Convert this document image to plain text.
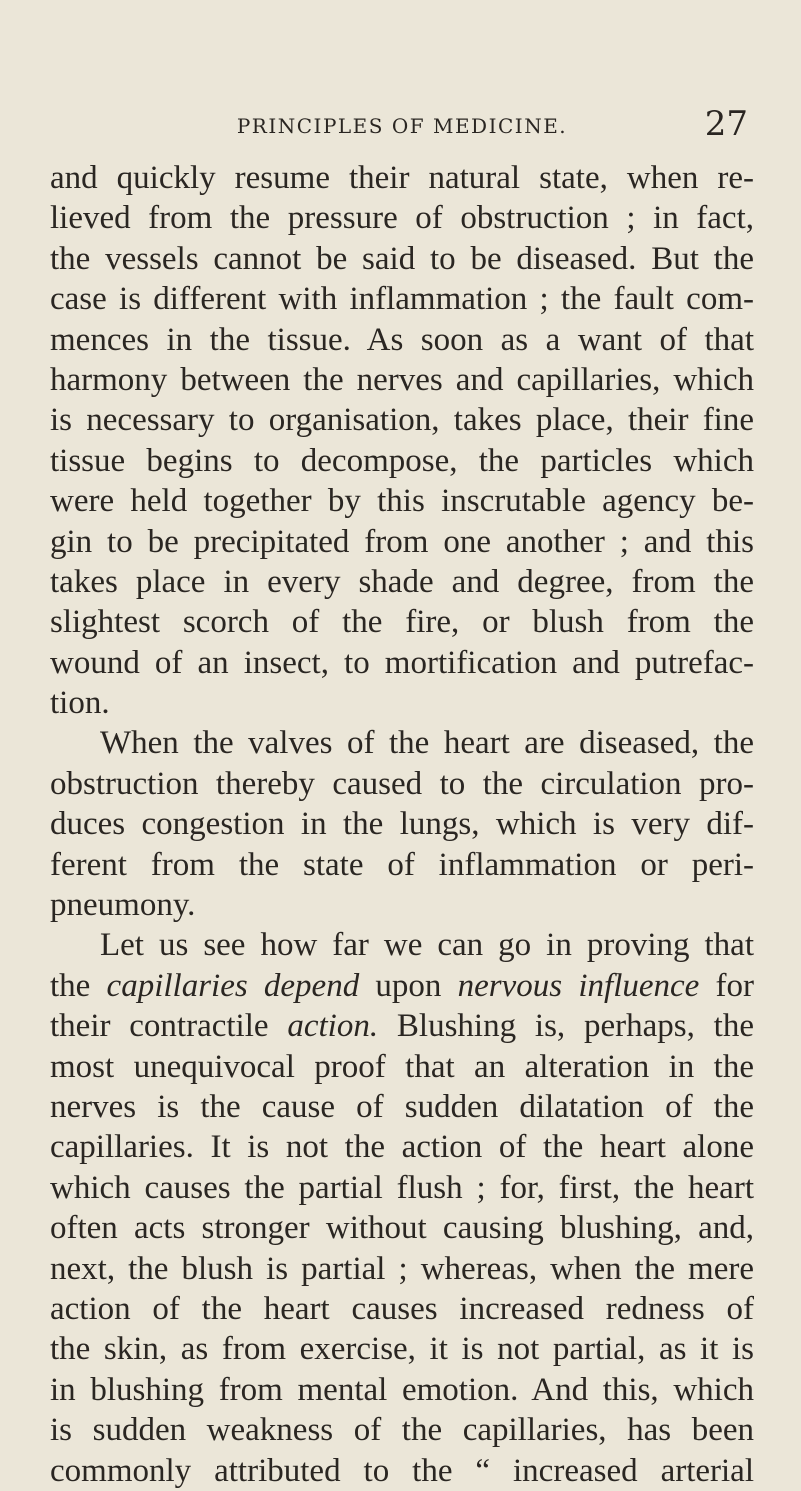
PRINCIPLES OF MEDICINE.	27
and quickly resume their natural state, when re-
lieved from the pressure of obstruction ; in fact,
the vessels cannot be said to be diseased. But the
case is different with inflammation ; the fault com-
mences in the tissue. As soon as a want of that
harmony between the nerves and capillaries, which
is necessary to organisation, takes place, their fine
tissue begins to decompose, the particles which
were held together by this inscrutable agency be-
gin to be precipitated from one another ; and this
takes place in every shade and degree, from the
slightest scorch of the fire, or blush from the
wound of an insect, to mortification and putrefac-
tion.
When the valves of the heart are diseased, the
obstruction thereby caused to the circulation pro-
duces congestion in the lungs, which is very dif-
ferent from the state of inflammation or peri-
pneumony.
Let us see how far we can go in proving that
the capillaries depend upon nervous influence for
their contractile action. Blushing is, perhaps, the
most unequivocal proof that an alteration in the
nerves is the cause of sudden dilatation of the
capillaries. It is not the action of the heart alone
which causes the partial flush ; for, first, the heart
often acts stronger without causing blushing, and,
next, the blush is partial ; whereas, when the mere
action of the heart causes increased redness of
the skin, as from exercise, it is not partial, as it is
in blushing from mental emotion. And this, which
is sudden weakness of the capillaries, has been
commonly attributed to the “ increased arterial
